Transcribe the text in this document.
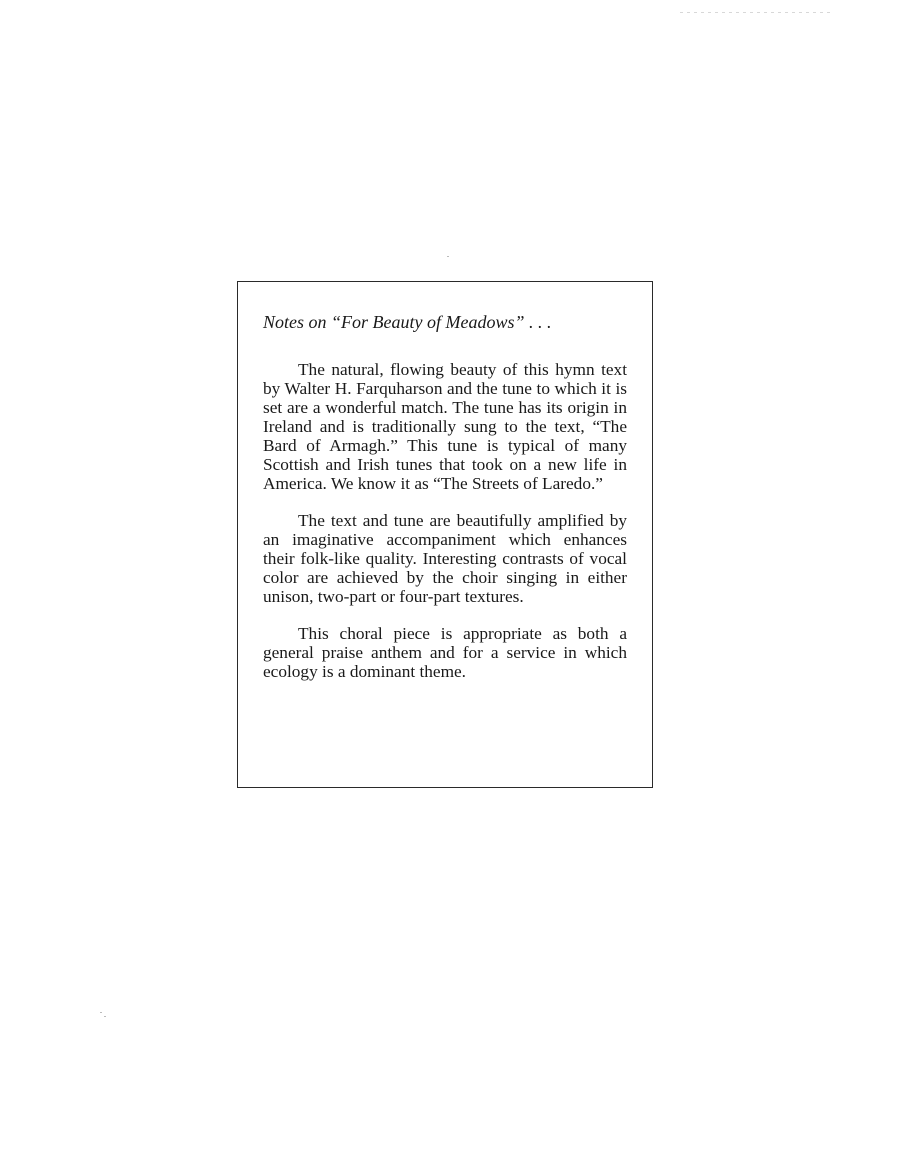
Notes on “For Beauty of Meadows” . . .

The natural, flowing beauty of this hymn text by Walter H. Farquharson and the tune to which it is set are a wonderful match. The tune has its origin in Ireland and is traditionally sung to the text, “The Bard of Armagh.” This tune is typical of many Scottish and Irish tunes that took on a new life in America. We know it as “The Streets of Laredo.”

The text and tune are beautifully amplified by an imaginative accompaniment which enhances their folk-like quality. Interesting contrasts of vocal color are achieved by the choir singing in either unison, two-part or four-part textures.

This choral piece is appropriate as both a general praise anthem and for a service in which ecology is a dominant theme.
